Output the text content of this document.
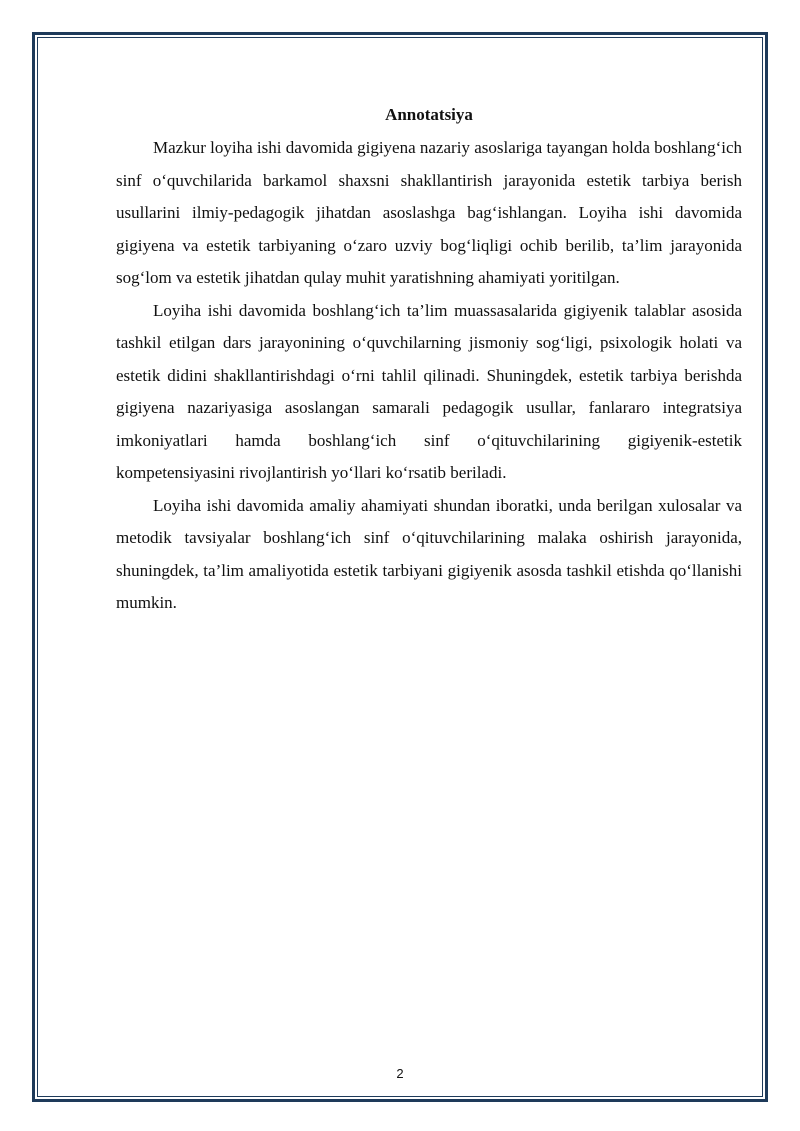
Annotatsiya

Mazkur loyiha ishi davomida gigiyena nazariy asoslariga tayangan holda boshlang‘ich sinf o‘quvchilarida barkamol shaxsni shakllantirish jarayonida estetik tarbiya berish usullarini ilmiy-pedagogik jihatdan asoslashga bag‘ishlangan. Loyiha ishi davomida gigiyena va estetik tarbiyaning o‘zaro uzviy bog‘liqligi ochib berilib, ta’lim jarayonida sog‘lom va estetik jihatdan qulay muhit yaratishning ahamiyati yoritilgan.

Loyiha ishi davomida boshlang‘ich ta’lim muassasalarida gigiyenik talablar asosida tashkil etilgan dars jarayonining o‘quvchilarning jismoniy sog‘ligi, psixologik holati va estetik didini shakllantirishdagi o‘rni tahlil qilinadi. Shuningdek, estetik tarbiya berishda gigiyena nazariyasiga asoslangan samarali pedagogik usullar, fanlararo integratsiya imkoniyatlari hamda boshlang‘ich sinf o‘qituvchilarining gigiyenik-estetik kompetensiyasini rivojlantirish yo‘llari ko‘rsatib beriladi.

Loyiha ishi davomida amaliy ahamiyati shundan iboratki, unda berilgan xulosalar va metodik tavsiyalar boshlang‘ich sinf o‘qituvchilarining malaka oshirish jarayonida, shuningdek, ta’lim amaliyotida estetik tarbiyani gigiyenik asosda tashkil etishda qo‘llanishi mumkin.

2
